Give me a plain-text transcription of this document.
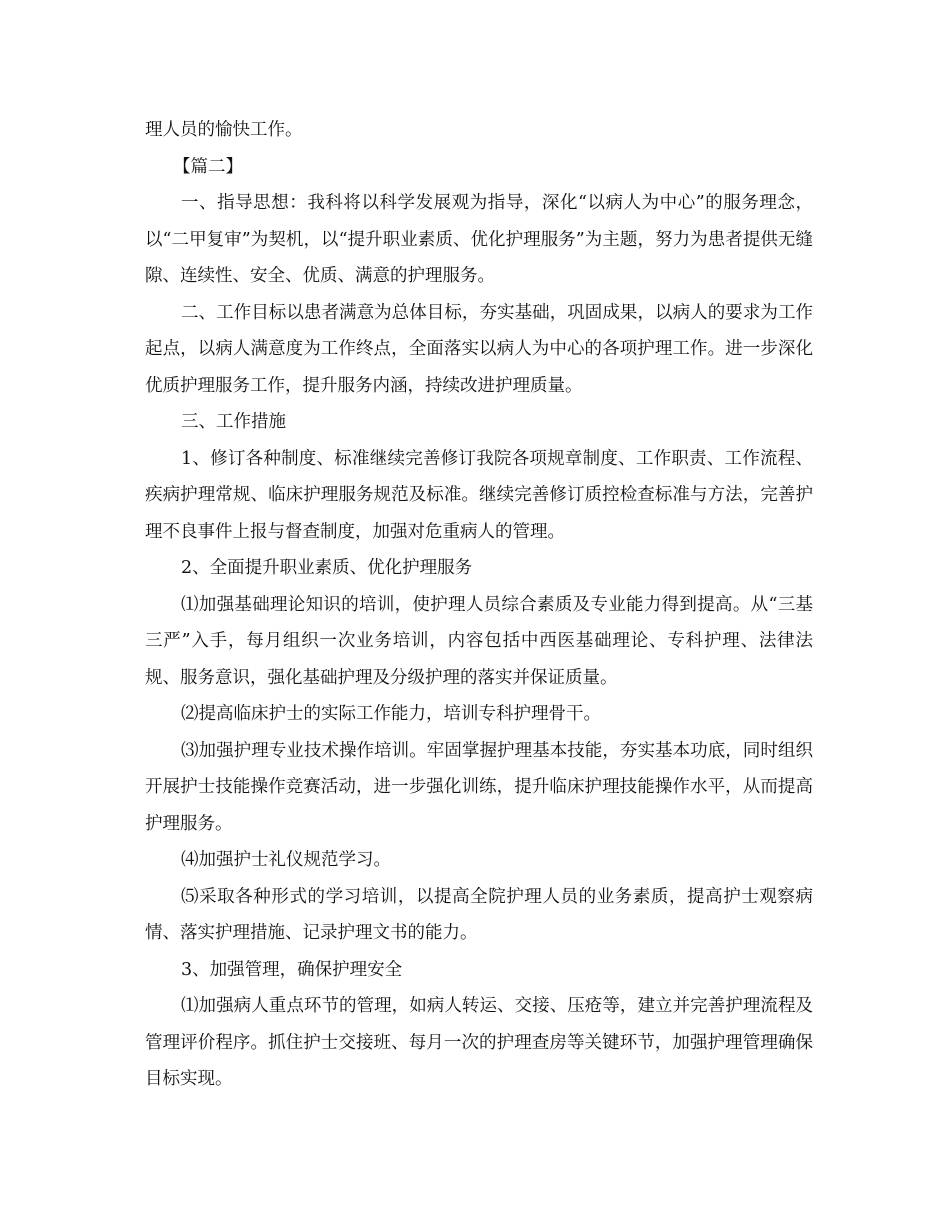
理人员的愉快工作。

【篇二】

一、指导思想：我科将以科学发展观为指导，深化“以病人为中心”的服务理念，以“二甲复审”为契机，以“提升职业素质、优化护理服务”为主题，努力为患者提供无缝隙、连续性、安全、优质、满意的护理服务。

二、工作目标以患者满意为总体目标，夯实基础，巩固成果，以病人的要求为工作起点，以病人满意度为工作终点，全面落实以病人为中心的各项护理工作。进一步深化优质护理服务工作，提升服务内涵，持续改进护理质量。

三、工作措施

1、修订各种制度、标准继续完善修订我院各项规章制度、工作职责、工作流程、疾病护理常规、临床护理服务规范及标准。继续完善修订质控检查标准与方法，完善护理不良事件上报与督查制度，加强对危重病人的管理。

2、全面提升职业素质、优化护理服务

⑴加强基础理论知识的培训，使护理人员综合素质及专业能力得到提高。从“三基三严”入手，每月组织一次业务培训，内容包括中西医基础理论、专科护理、法律法规、服务意识，强化基础护理及分级护理的落实并保证质量。

⑵提高临床护士的实际工作能力，培训专科护理骨干。

⑶加强护理专业技术操作培训。牢固掌握护理基本技能，夯实基本功底，同时组织开展护士技能操作竞赛活动，进一步强化训练，提升临床护理技能操作水平，从而提高护理服务。

⑷加强护士礼仪规范学习。

⑸采取各种形式的学习培训，以提高全院护理人员的业务素质，提高护士观察病情、落实护理措施、记录护理文书的能力。

3、加强管理，确保护理安全

⑴加强病人重点环节的管理，如病人转运、交接、压疮等，建立并完善护理流程及管理评价程序。抓住护士交接班、每月一次的护理查房等关键环节，加强护理管理确保目标实现。
